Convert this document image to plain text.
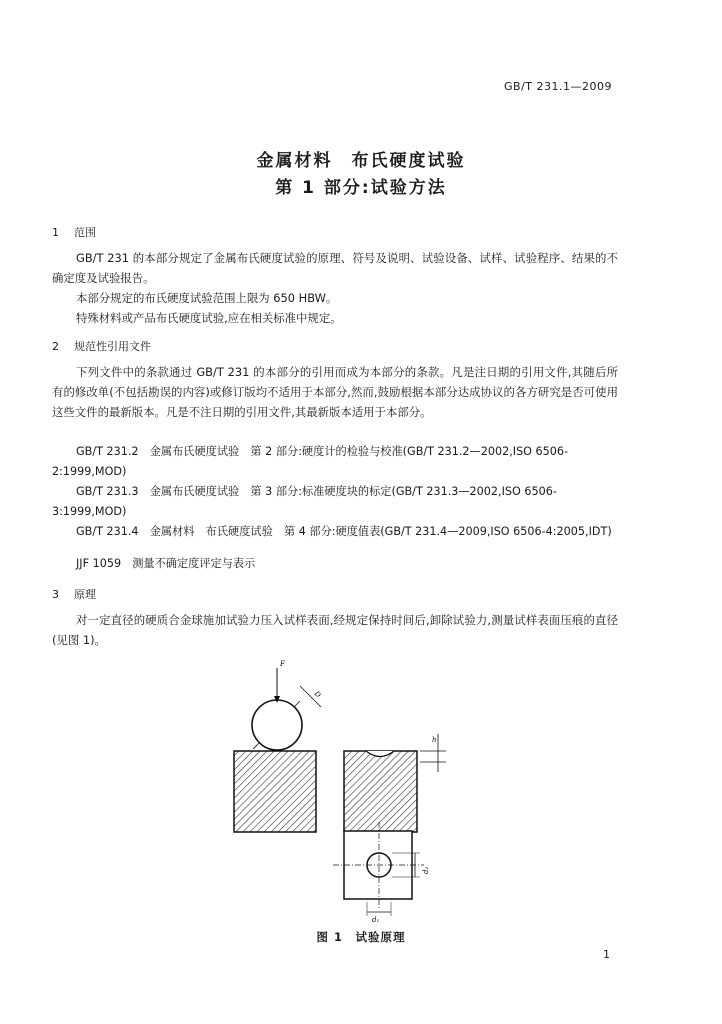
GB/T 231.1—2009
金属材料　布氏硬度试验
第 1 部分:试验方法
1 范围

GB/T 231 的本部分规定了金属布氏硬度试验的原理、符号及说明、试验设备、试样、试验程序、结果的不确定度及试验报告。

本部分规定的布氏硬度试验范围上限为 650 HBW。

特殊材料或产品布氏硬度试验,应在相关标准中规定。

2 规范性引用文件

下列文件中的条款通过 GB/T 231 的本部分的引用而成为本部分的条款。凡是注日期的引用文件,其随后所有的修改单(不包括勘误的内容)或修订版均不适用于本部分,然而,鼓励根据本部分达成协议的各方研究是否可使用这些文件的最新版本。凡是不注日期的引用文件,其最新版本适用于本部分。

GB/T 231.2　金属布氏硬度试验　第 2 部分:硬度计的检验与校准(GB/T 231.2—2002,ISO 6506-2:1999,MOD)

GB/T 231.3　金属布氏硬度试验　第 3 部分:标准硬度块的标定(GB/T 231.3—2002,ISO 6506-3:1999,MOD)

GB/T 231.4　金属材料　布氏硬度试验　第 4 部分:硬度值表(GB/T 231.4—2009,ISO 6506-4:2005,IDT)

JJF 1059　测量不确定度评定与表示

3 原理

对一定直径的硬质合金球施加试验力压入试样表面,经规定保持时间后,卸除试验力,测量试样表面压痕的直径(见图 1)。

F
D
h
d₂
d₁
图 1　试验原理
1
